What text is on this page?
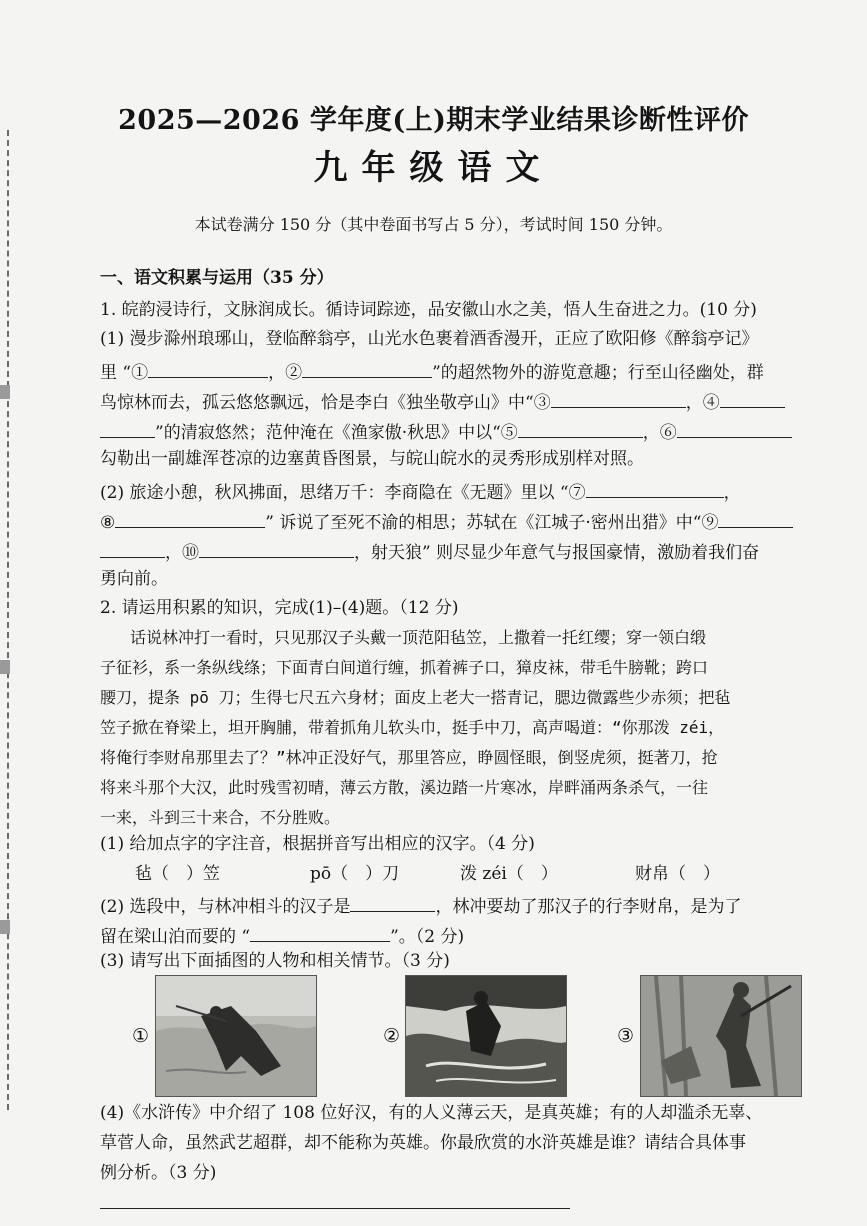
2025—2026 学年度(上)期末学业结果诊断性评价
九年级语文
本试卷满分 150 分（其中卷面书写占 5 分），考试时间 150 分钟。
一、语文积累与运用（35 分）
1. 皖韵浸诗行，文脉润成长。循诗词踪迹，品安徽山水之美，悟人生奋进之力。(10 分)
(1) 漫步滁州琅琊山，登临醉翁亭，山光水色裹着酒香漫开，正应了欧阳修《醉翁亭记》
里 “①	，②	”的超然物外的游览意趣；行至山径幽处，群
鸟惊林而去，孤云悠悠飘远，恰是李白《独坐敬亭山》中“③	，④
”的清寂悠然；范仲淹在《渔家傲·秋思》中以“⑤	，⑥
勾勒出一副雄浑苍凉的边塞黄昏图景，与皖山皖水的灵秀形成别样对照。
(2) 旅途小憩，秋风拂面，思绪万千：李商隐在《无题》里以 “⑦	，
⑧	” 诉说了至死不渝的相思；苏轼在《江城子·密州出猎》中“⑨
，⑩	，射天狼” 则尽显少年意气与报国豪情，激励着我们奋
勇向前。
2. 请运用积累的知识，完成(1)–(4)题。（12 分)
话说林冲打一看时，只见那汉子头戴一顶范阳毡笠，上撒着一托红缨；穿一领白缎
子征衫，系一条纵线绦；下面青白间道行缠，抓着裤子口，獐皮袜，带毛牛膀靴；跨口
腰刀，提条 pō 刀；生得七尺五六身材；面皮上老大一搭青记，腮边微露些少赤须；把毡
笠子掀在脊梁上，坦开胸脯，带着抓角儿软头巾，挺手中刀，高声喝道：“你那泼 zéi，
将俺行李财帛那里去了？”林冲正没好气，那里答应，睁圆怪眼，倒竖虎须，挺著刀，抢
将来斗那个大汉，此时残雪初晴，薄云方散，溪边踏一片寒冰，岸畔涌两条杀气，一往
一来，斗到三十来合，不分胜败。
(1) 给加点字的字注音，根据拼音写出相应的汉字。（4 分)
毡（　）笠	pō（　）刀	泼 zéi（　）	财帛（　）
(2) 选段中，与林冲相斗的汉子是	，林冲要劫了那汉子的行李财帛，是为了
留在梁山泊而要的 “	”。（2 分)
(3) 请写出下面插图的人物和相关情节。（3 分)
①	②	③
(4)《水浒传》中介绍了 108 位好汉，有的人义薄云天，是真英雄；有的人却滥杀无辜、
草菅人命，虽然武艺超群，却不能称为英雄。你最欣赏的水浒英雄是谁？请结合具体事
例分析。（3 分)
